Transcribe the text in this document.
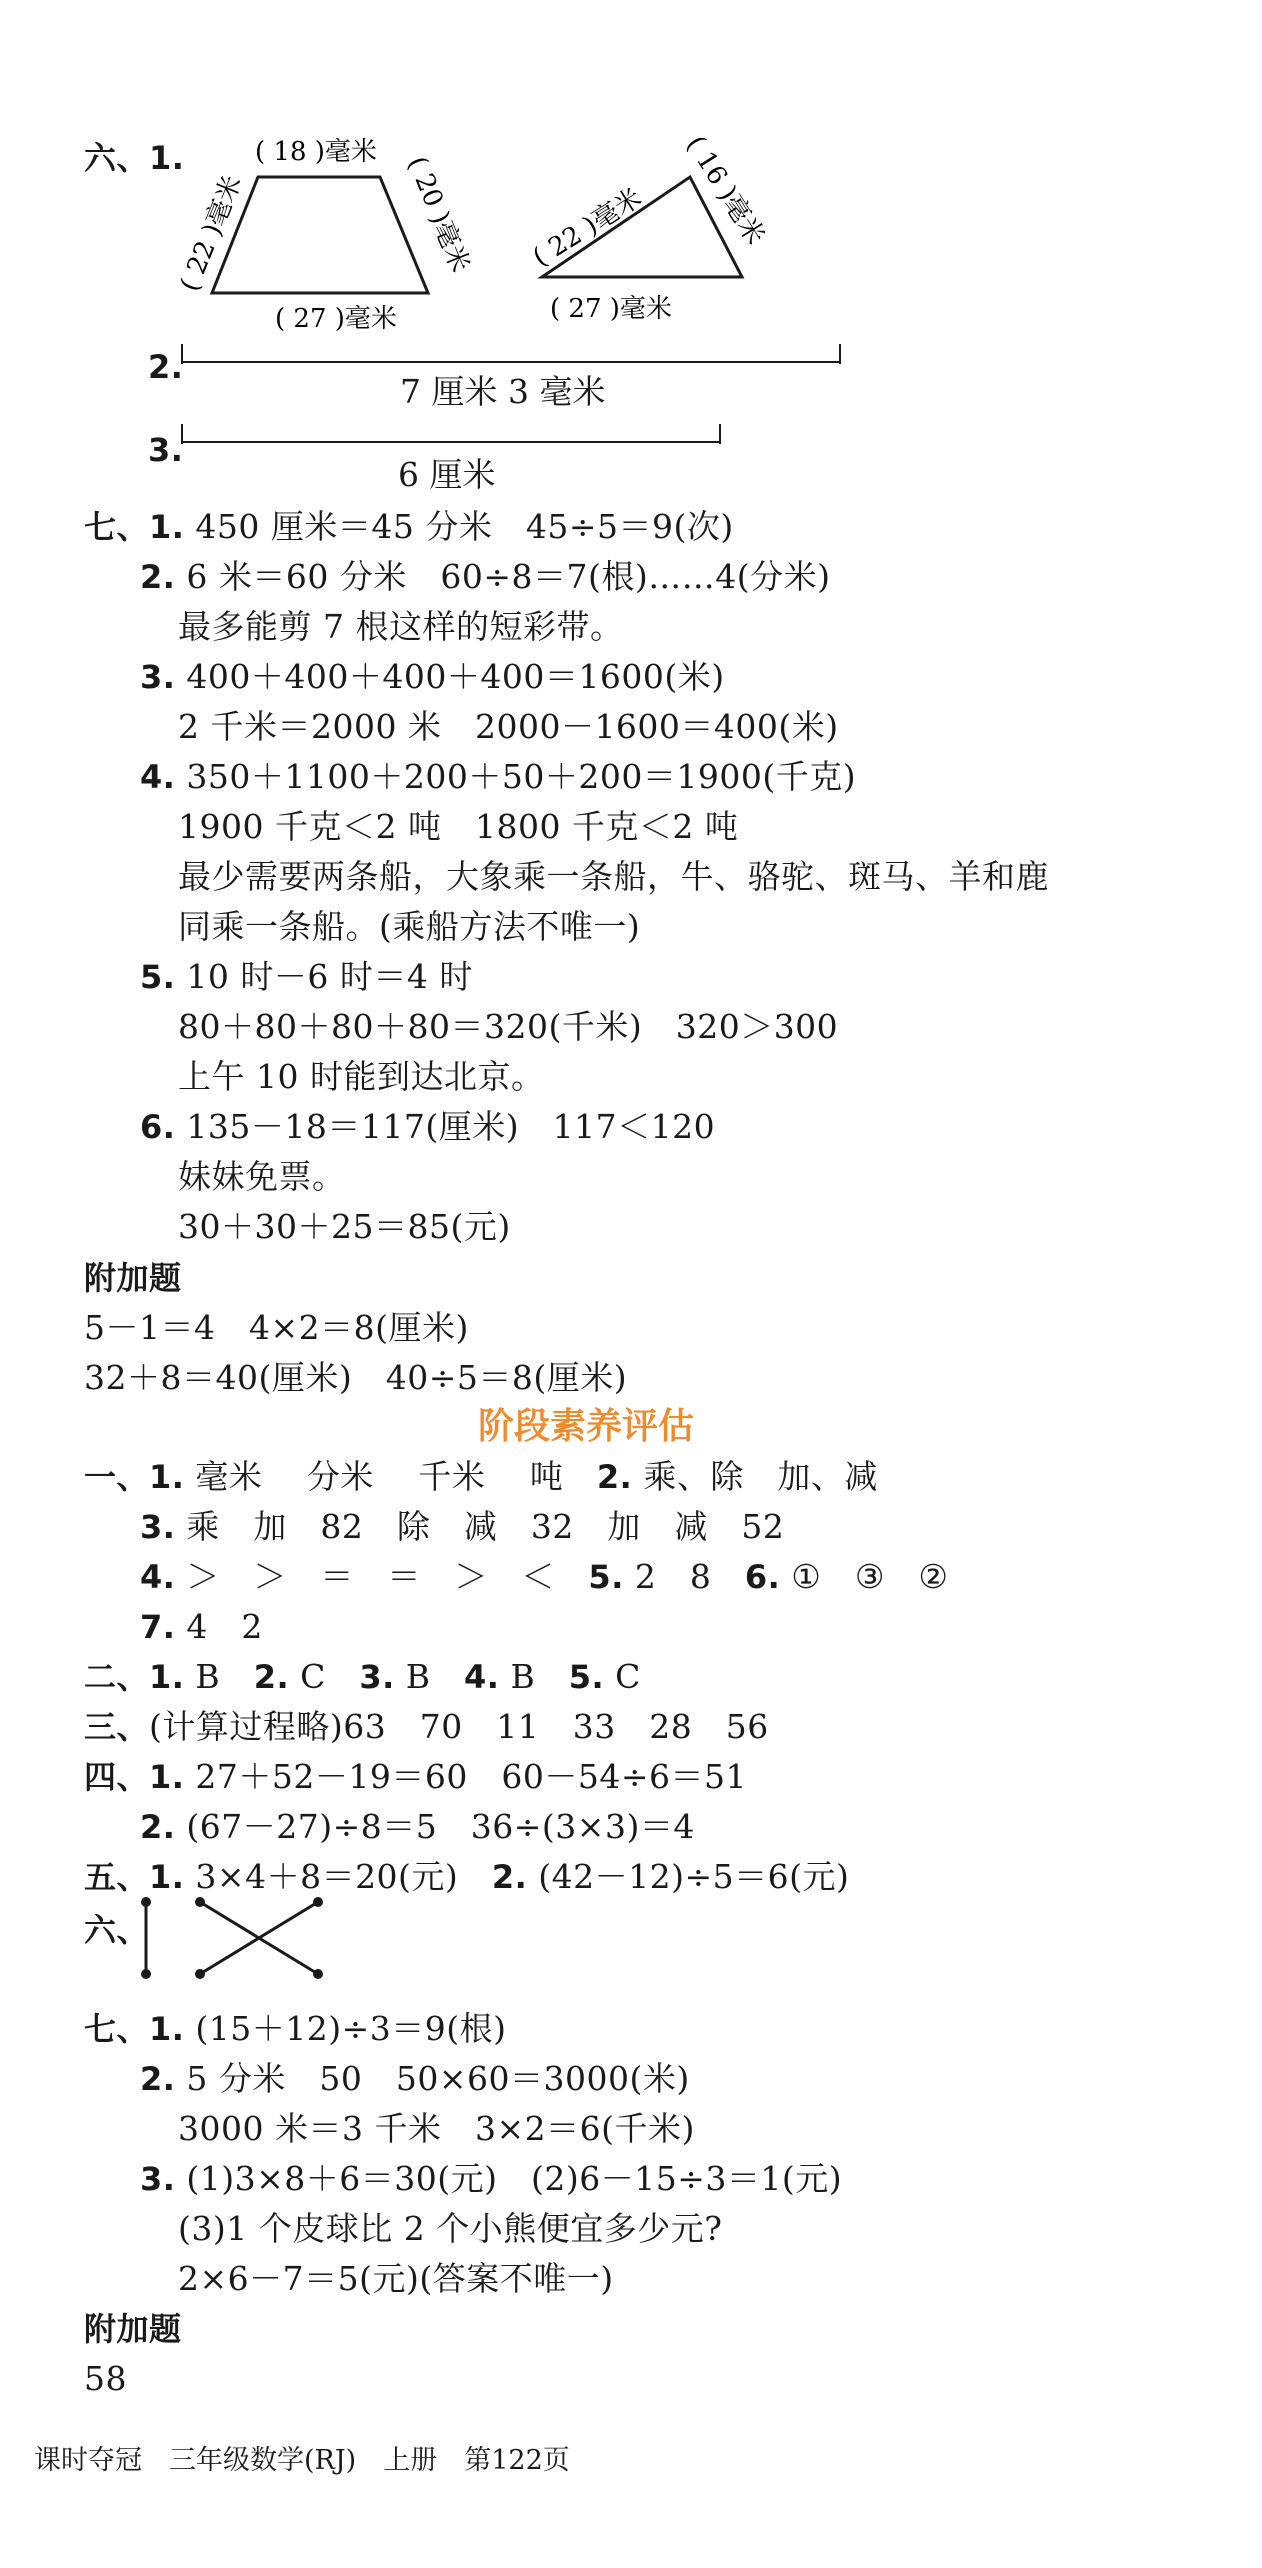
六、1.	( 18 )毫米
( 22 )毫米	( 20 )毫米
( 27 )毫米
( 22 )毫米 ( 16 )毫米
( 27 )毫米
2.
7 厘米 3 毫米
3.
6 厘米
七、1. 450 厘米＝45 分米　45÷5＝9(次)
2. 6 米＝60 分米　60÷8＝7(根)……4(分米)
最多能剪 7 根这样的短彩带。
3. 400＋400＋400＋400＝1600(米)
2 千米＝2000 米　2000－1600＝400(米)
4. 350＋1100＋200＋50＋200＝1900(千克)
1900 千克＜2 吨　1800 千克＜2 吨
最少需要两条船，大象乘一条船，牛、骆驼、斑马、羊和鹿
同乘一条船。(乘船方法不唯一)
5. 10 时－6 时＝4 时
80＋80＋80＋80＝320(千米)　320＞300
上午 10 时能到达北京。
6. 135－18＝117(厘米)　117＜120
妹妹免票。
30＋30＋25＝85(元)
附加题
5－1＝4　4×2＝8(厘米)
32＋8＝40(厘米)　40÷5＝8(厘米)
阶段素养评估
一、1. 毫米　 分米　 千米　 吨　2. 乘、除　加、减
3. 乘　加　82　除　减　32　加　减　52
4. ＞　＞　＝　＝　＞　＜　5. 2　8　6. ①　③　②
7. 4　2
二、1. B　2. C　3. B　4. B　5. C
三、(计算过程略)63　70　11　33　28　56
四、1. 27＋52－19＝60　60－54÷6＝51
2. (67－27)÷8＝5　36÷(3×3)＝4
五、1. 3×4＋8＝20(元)　2. (42－12)÷5＝6(元)
六、
七、1. (15＋12)÷3＝9(根)
2. 5 分米　50　50×60＝3000(米)
3000 米＝3 千米　3×2＝6(千米)
3. (1)3×8＋6＝30(元)　(2)6－15÷3＝1(元)
(3)1 个皮球比 2 个小熊便宜多少元?
2×6－7＝5(元)(答案不唯一)
附加题
58
课时夺冠　三年级数学(RJ)　上册　第122页
